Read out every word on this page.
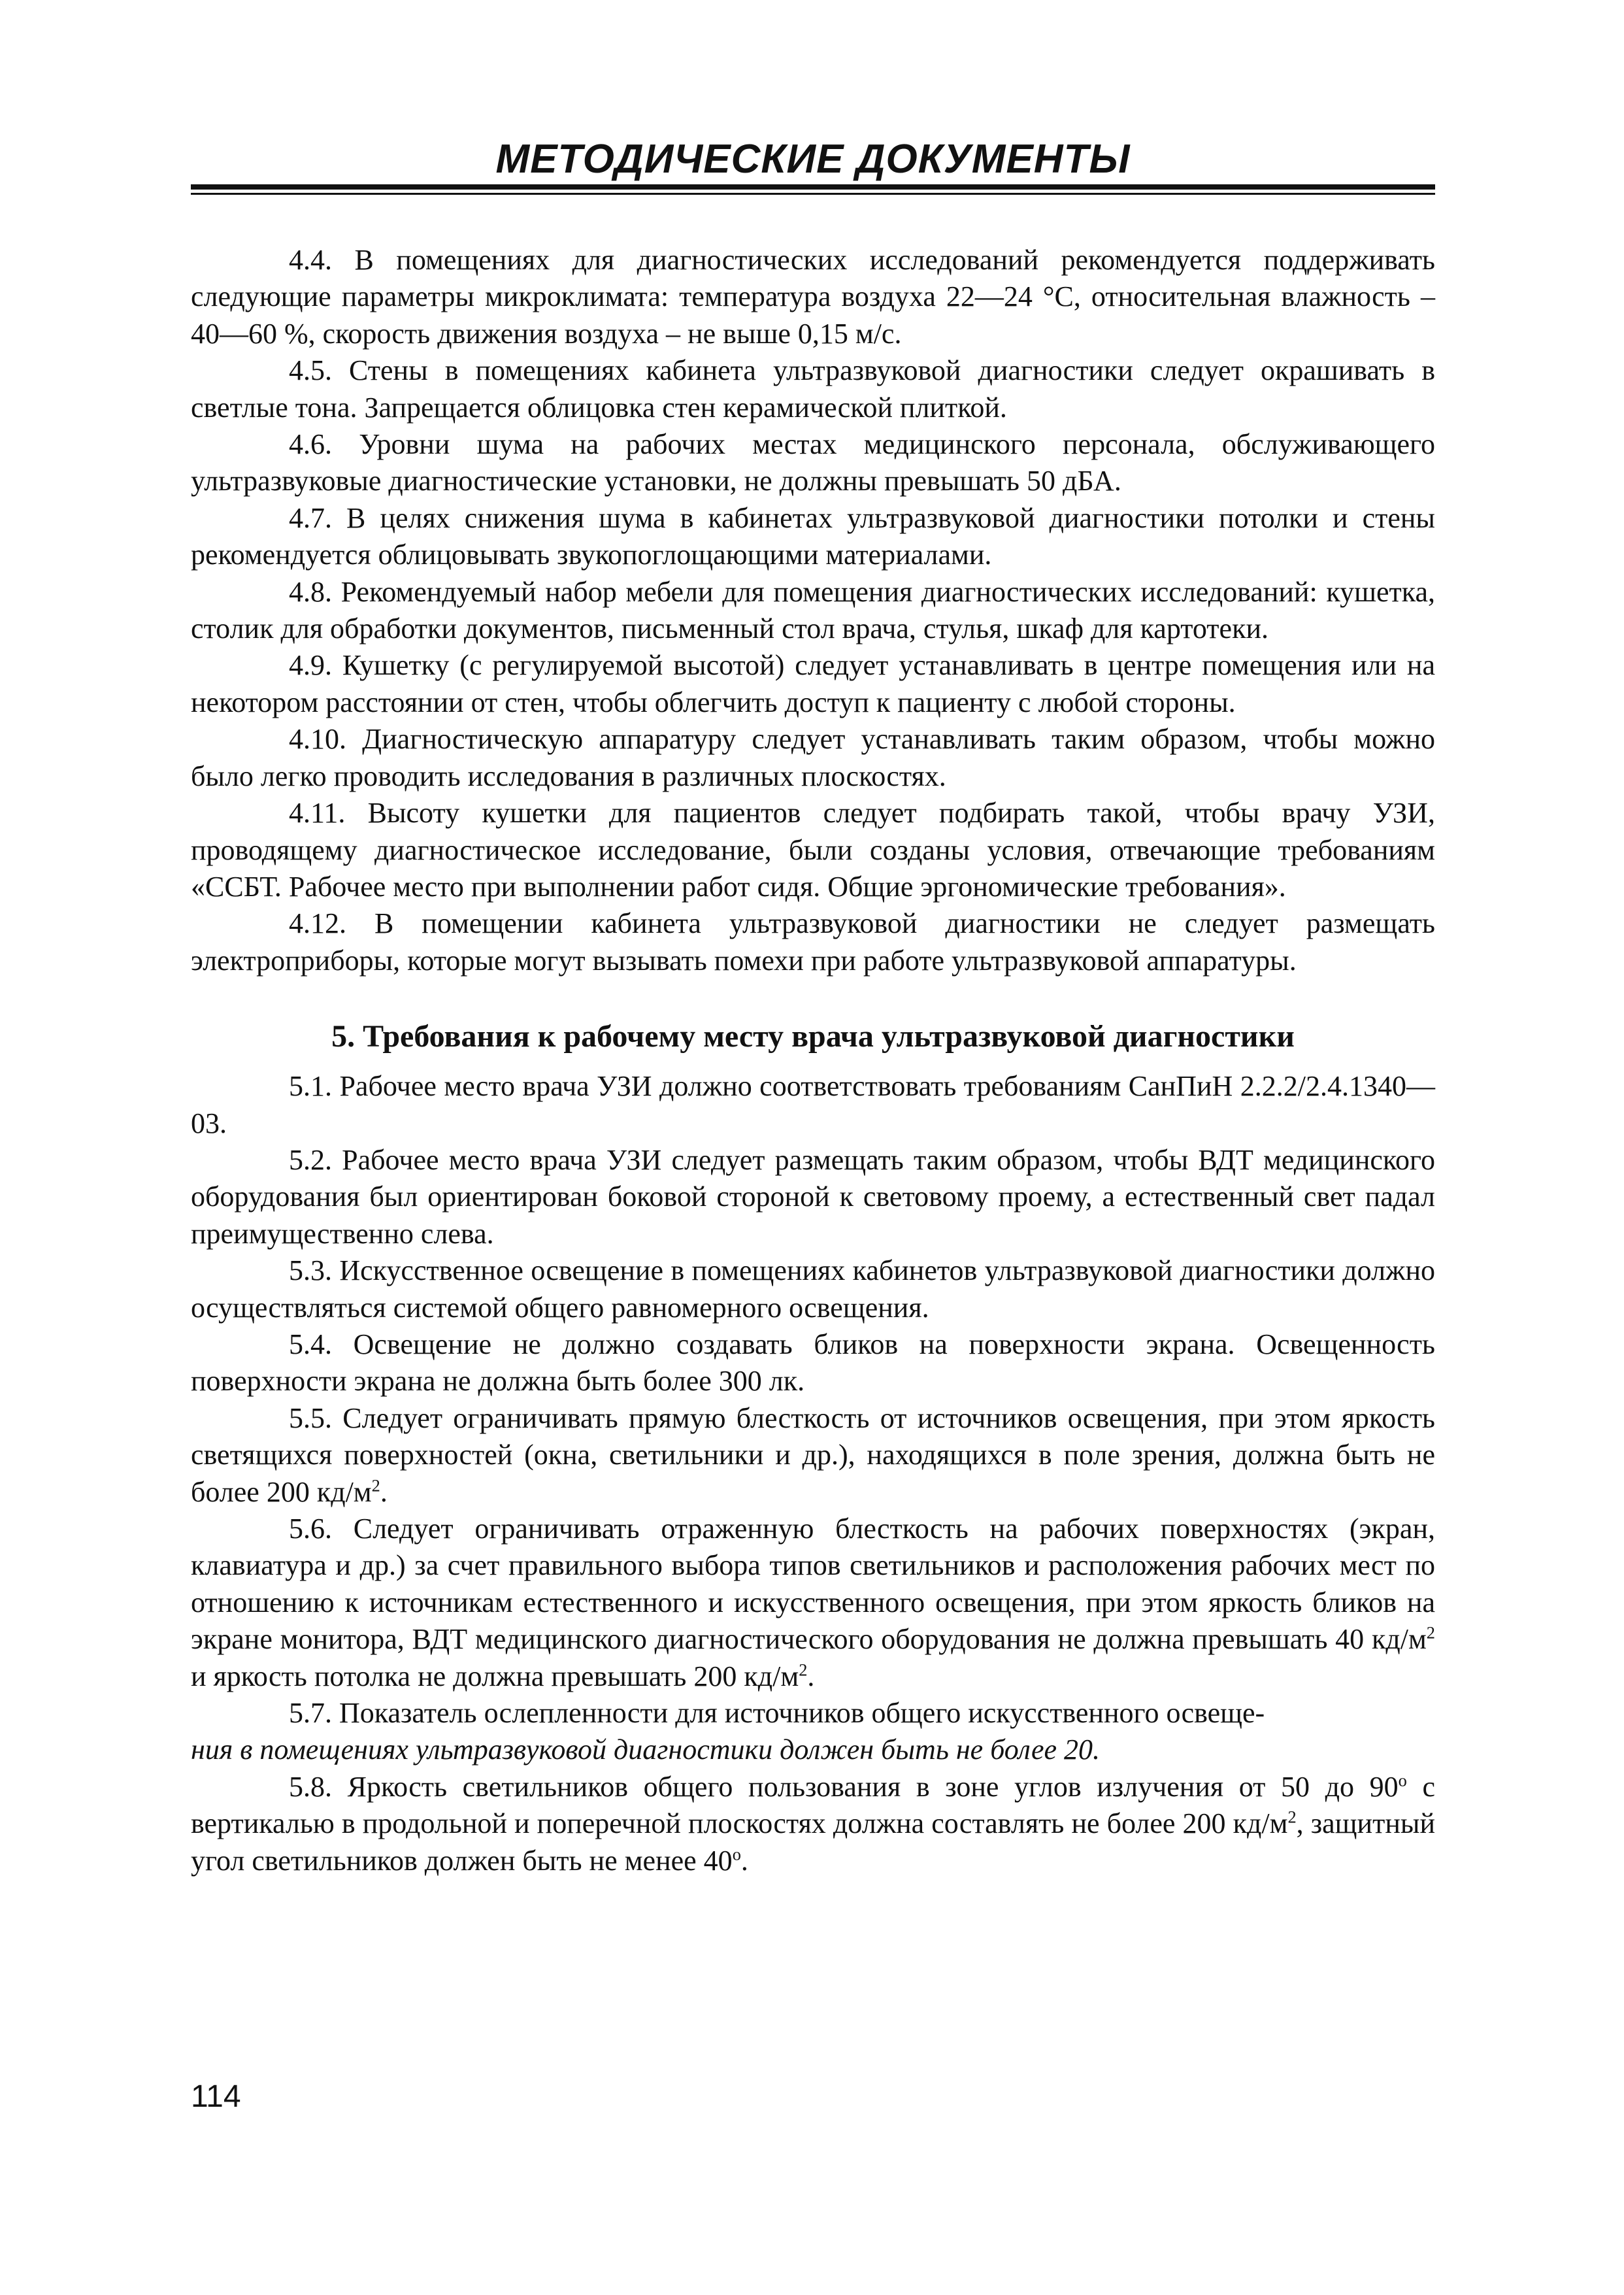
МЕТОДИЧЕСКИЕ ДОКУМЕНТЫ

4.4. В помещениях для диагностических исследований рекомендуется поддерживать следующие параметры микроклимата: температура воздуха 22—24 °С, относительная влажность – 40—60 %, скорость движения воздуха – не выше 0,15 м/с.

4.5. Стены в помещениях кабинета ультразвуковой диагностики следует окрашивать в светлые тона. Запрещается облицовка стен керамической плиткой.

4.6. Уровни шума на рабочих местах медицинского персонала, обслуживающего ультразвуковые диагностические установки, не должны превышать 50 дБА.

4.7. В целях снижения шума в кабинетах ультразвуковой диагностики потолки и стены рекомендуется облицовывать звукопоглощающими материалами.

4.8. Рекомендуемый набор мебели для помещения диагностических исследований: кушетка, столик для обработки документов, письменный стол врача, стулья, шкаф для картотеки.

4.9. Кушетку (с регулируемой высотой) следует устанавливать в центре помещения или на некотором расстоянии от стен, чтобы облегчить доступ к пациенту с любой стороны.

4.10. Диагностическую аппаратуру следует устанавливать таким образом, чтобы можно было легко проводить исследования в различных плоскостях.

4.11. Высоту кушетки для пациентов следует подбирать такой, чтобы врачу УЗИ, проводящему диагностическое исследование, были созданы условия, отвечающие требованиям «ССБТ. Рабочее место при выполнении работ сидя. Общие эргономические требования».

4.12. В помещении кабинета ультразвуковой диагностики не следует размещать электроприборы, которые могут вызывать помехи при работе ультразвуковой аппаратуры.

5. Требования к рабочему месту врача ультразвуковой диагностики

5.1. Рабочее место врача УЗИ должно соответствовать требованиям СанПиН 2.2.2/2.4.1340—03.

5.2. Рабочее место врача УЗИ следует размещать таким образом, чтобы ВДТ медицинского оборудования был ориентирован боковой стороной к световому проему, а естественный свет падал преимущественно слева.

5.3. Искусственное освещение в помещениях кабинетов ультразвуковой диагностики должно осуществляться системой общего равномерного освещения.

5.4. Освещение не должно создавать бликов на поверхности экрана. Освещенность поверхности экрана не должна быть более 300 лк.

5.5. Следует ограничивать прямую блесткость от источников освещения, при этом яркость светящихся поверхностей (окна, светильники и др.), находящихся в поле зрения, должна быть не более 200 $кд/м^2$.

5.6. Следует ограничивать отраженную блесткость на рабочих поверхностях (экран, клавиатура и др.) за счет правильного выбора типов светильников и расположения рабочих мест по отношению к источникам естественного и искусственного освещения, при этом яркость бликов на экране монитора, ВДТ медицинского диагностического оборудования не должна превышать 40 $кд/м^2$ и яркость потолка не должна превышать 200 $кд/м^2$.

5.7. Показатель ослепленности для источников общего искусственного освеще-
ния в помещениях ультразвуковой диагностики должен быть не более 20.

5.8. Яркость светильников общего пользования в зоне углов излучения от 50 до $90^о$ с вертикалью в продольной и поперечной плоскостях должна составлять не более 200 $кд/м^2$, защитный угол светильников должен быть не менее $40^о$.

114
